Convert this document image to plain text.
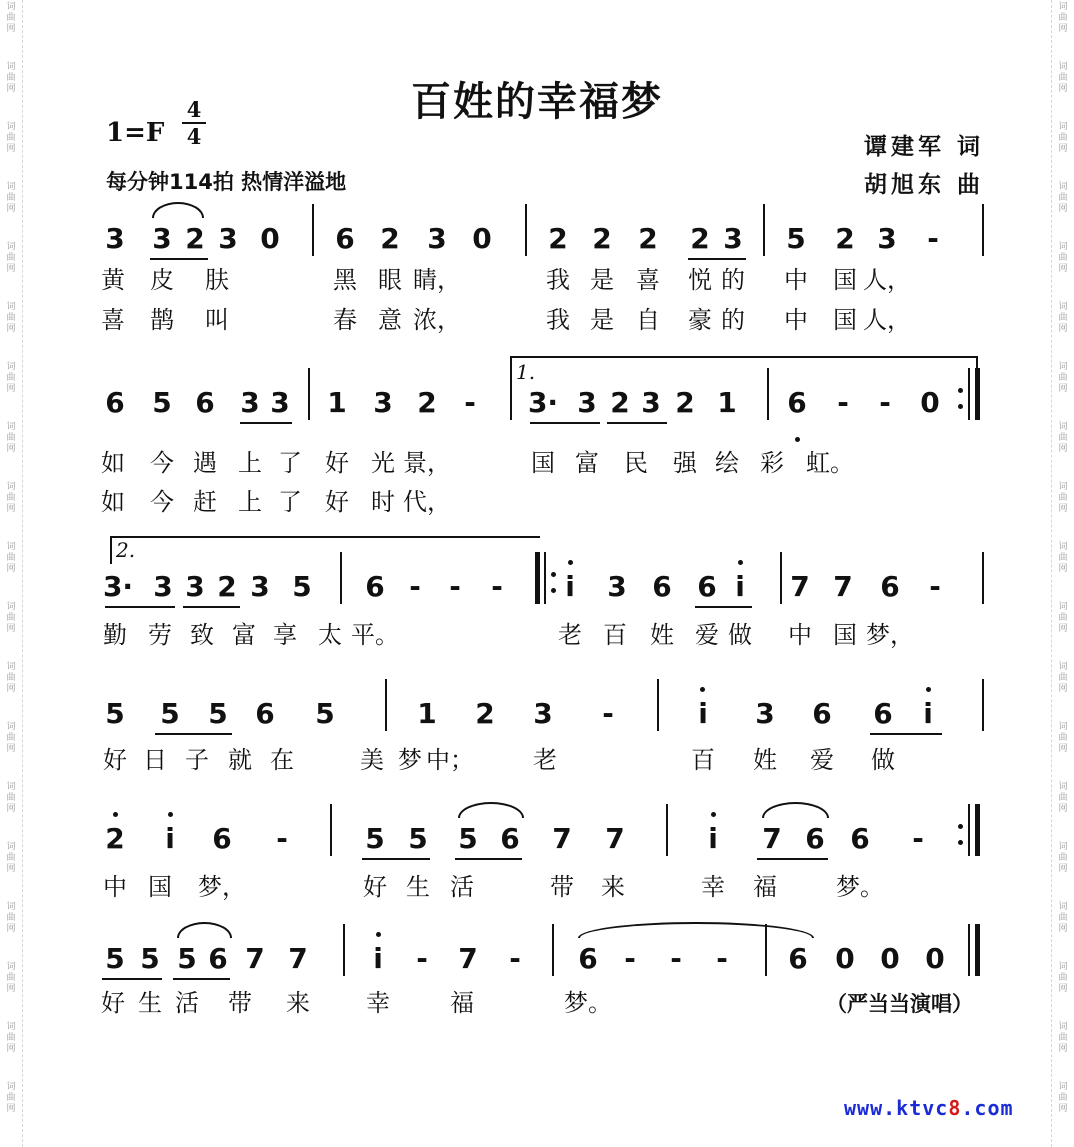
词
曲
网
词
曲
网
词
曲
网
词
曲
网
词
曲
网
词
曲
网
词
曲
网
词
曲
网
词
曲
网
词
曲
网
词
曲
网
词
曲
网
词
曲
网
词
曲
网
词
曲
网
词
曲
网
词
曲
网
词
曲
网
词
曲
网
词
曲
网
词
曲
网
词
曲
网
词
曲
网
词
曲
网
词
曲
网
词
曲
网
词
曲
网
词
曲
网
词
曲
网
词
曲
网
词
曲
网
词
曲
网
词
曲
网
词
曲
网
词
曲
网
词
曲
网
词
曲
网
词
曲
网
百姓的幸福梦
1=F
4
4
每分钟114拍 热情洋溢地
谭建军 词
胡旭东 曲
3 3 2 3 0 6 2 3 0 2 2 2 2 3 5 2 3 -
黄 皮 肤	黑 眼 睛，	我 是 喜 悦 的 中 国 人，
喜 鹊 叫	春 意 浓，	我 是 自 豪 的 中 国 人，
6 5 6 3 3 1 3 2 - 3· 3 2 3 2 1 6 - - 0
如 今 遇 上 了 好 光 景，	国 富 民 强 绘 彩 虹。
如 今 赶 上 了 好 时 代，
3· 3 3 2 3 5 6 - - - i 3 6 6 i 7 7 6 -
勤 劳 致 富 享 太 平。	老 百 姓 爱 做 中 国 梦，
5 5 5 6 5	1 2 3 -	i 3 6 6 i
好 日 子 就 在	美 梦 中； 老	百 姓 爱 做
2 i 6 -	5 5 5 6 7 7	i 7 6 6 -
中 国 梦，	好 生 活	带 来	幸 福 梦。
5 5 5 6 7 7 i - 7 - 6 - - - 6 0 0 0
好 生 活 带 来 幸	福	梦。
1.
2.
（严当当演唱）
www.ktvc8.com
